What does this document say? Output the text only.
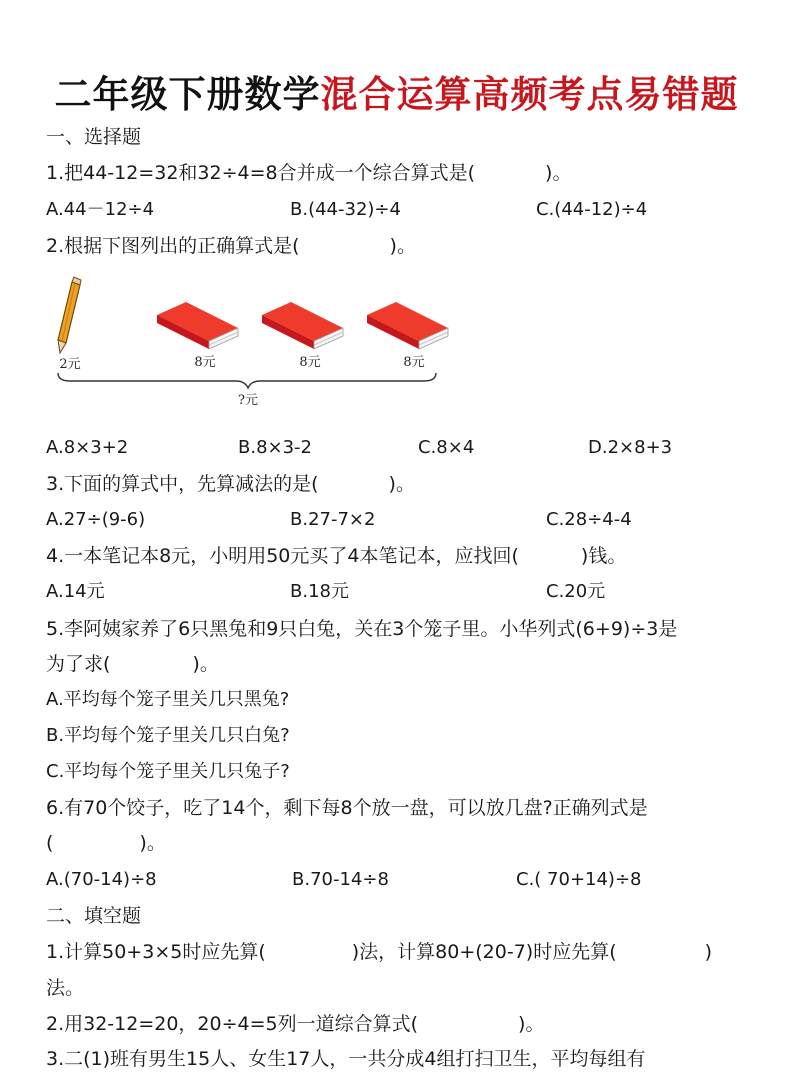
二年级下册数学混合运算高频考点易错题
一、选择题
1.把44-12=32和32÷4=8合并成一个综合算式是(	)。
A.44－12÷4	B.(44-32)÷4	C.(44-12)÷4
2.根据下图列出的正确算式是(	)。
2元	8元	8元	8元
?元
A.8×3+2	B.8×3-2	C.8×4	D.2×8+3
3.下面的算式中，先算减法的是(	)。
A.27÷(9-6)	B.27-7×2	C.28÷4-4
4.一本笔记本8元，小明用50元买了4本笔记本，应找回(	)钱。
A.14元	B.18元	C.20元
5.李阿姨家养了6只黑兔和9只白兔，关在3个笼子里。小华列式(6+9)÷3是
为了求(	)。
A.平均每个笼子里关几只黑兔?
B.平均每个笼子里关几只白兔?
C.平均每个笼子里关几只兔子?
6.有70个饺子，吃了14个，剩下每8个放一盘，可以放几盘?正确列式是
(	)。
A.(70-14)÷8	B.70-14÷8	C.( 70+14)÷8
二、填空题
1.计算50+3×5时应先算(	)法，计算80+(20-7)时应先算(	)
法。
2.用32-12=20，20÷4=5列一道综合算式(	)。
3.二(1)班有男生15人、女生17人，一共分成4组打扫卫生，平均每组有
